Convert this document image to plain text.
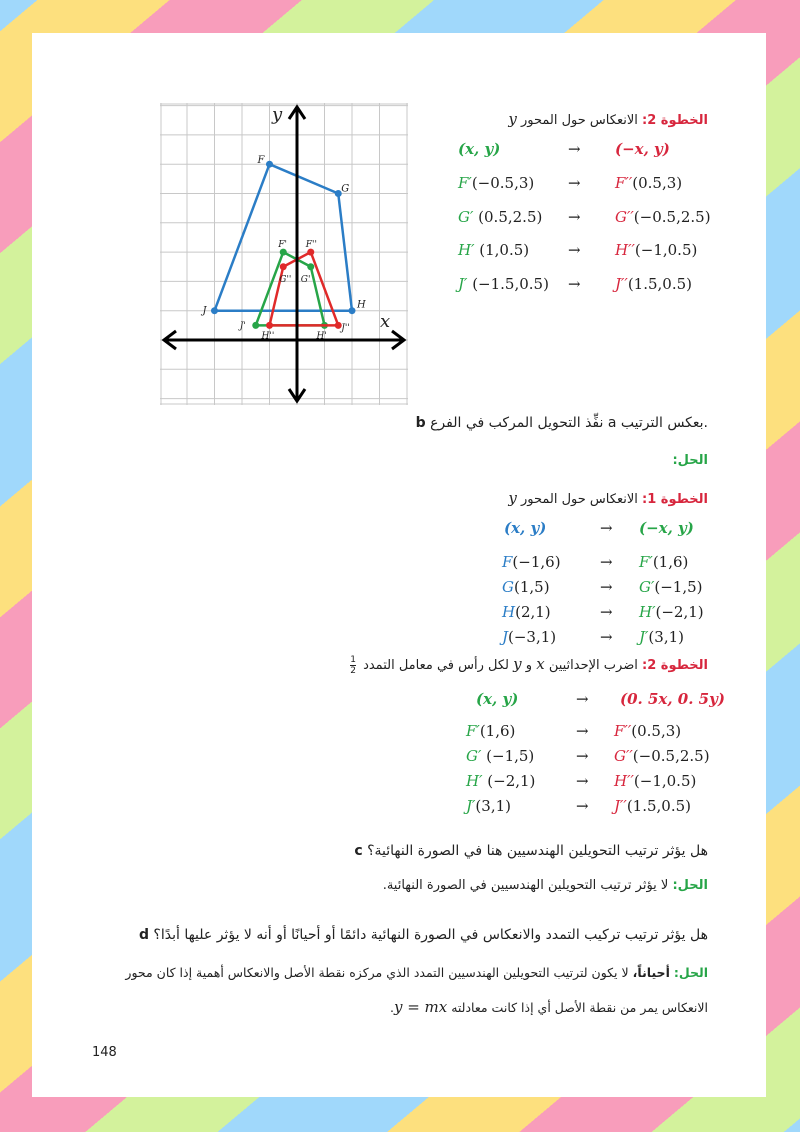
y
x
F
G
H
J
F'
G'
H'
J'
F''
G''
H''
J''
الخطوة 2: الانعكاس حول المحور y
(x, y)	→ (−x, y)
F′(−0.5,3) → F′′(0.5,3)
G′ (0.5,2.5) → G′′(−0.5,2.5)
H′ (1,0.5)	→ H′′(−1,0.5)
J′ (−1.5,0.5) → J′′(1.5,0.5)
b نفِّذ التحويل المركب في الفرع a بعكس الترتيب.
الحل:
الخطوة 1: الانعكاس حول المحور y
(x, y)	→ (−x, y)
F(−1,6)	→ F′(1,6)
G(1,5)	→ G′(−1,5)
H(2,1)	→ H′(−2,1)
J(−3,1)	→ J′(3,1)
الخطوة 2: اضرب الإحداثيين x و y لكل رأس في معامل التمدد
$\frac{1}{2}$
(x, y)	→ (0. 5x, 0. 5y)
F′(1,6)	→ F′′(0.5,3)
G′ (−1,5)	→ G′′(−0.5,2.5)
H′ (−2,1)	→ H′′(−1,0.5)
J′(3,1)	→ J′′(1.5,0.5)
c هل يؤثر ترتيب التحويلين الهندسيين هنا في الصورة النهائية؟
الحل: لا يؤثر ترتيب التحويلين الهندسيين في الصورة النهائية.
d هل يؤثر ترتيب تركيب التمدد والانعكاس في الصورة النهائية دائمًا أو أحيانًا أو أنه لا يؤثر عليها أبدًا؟
الحل: أحياناً، لا يكون لترتيب التحويلين الهندسيين التمدد الذي مركزه نقطة الأصل والانعكاس أهمية إذا كان محور
الانعكاس يمر من نقطة الأصل أي إذا كانت معادلته y = mx.
148
